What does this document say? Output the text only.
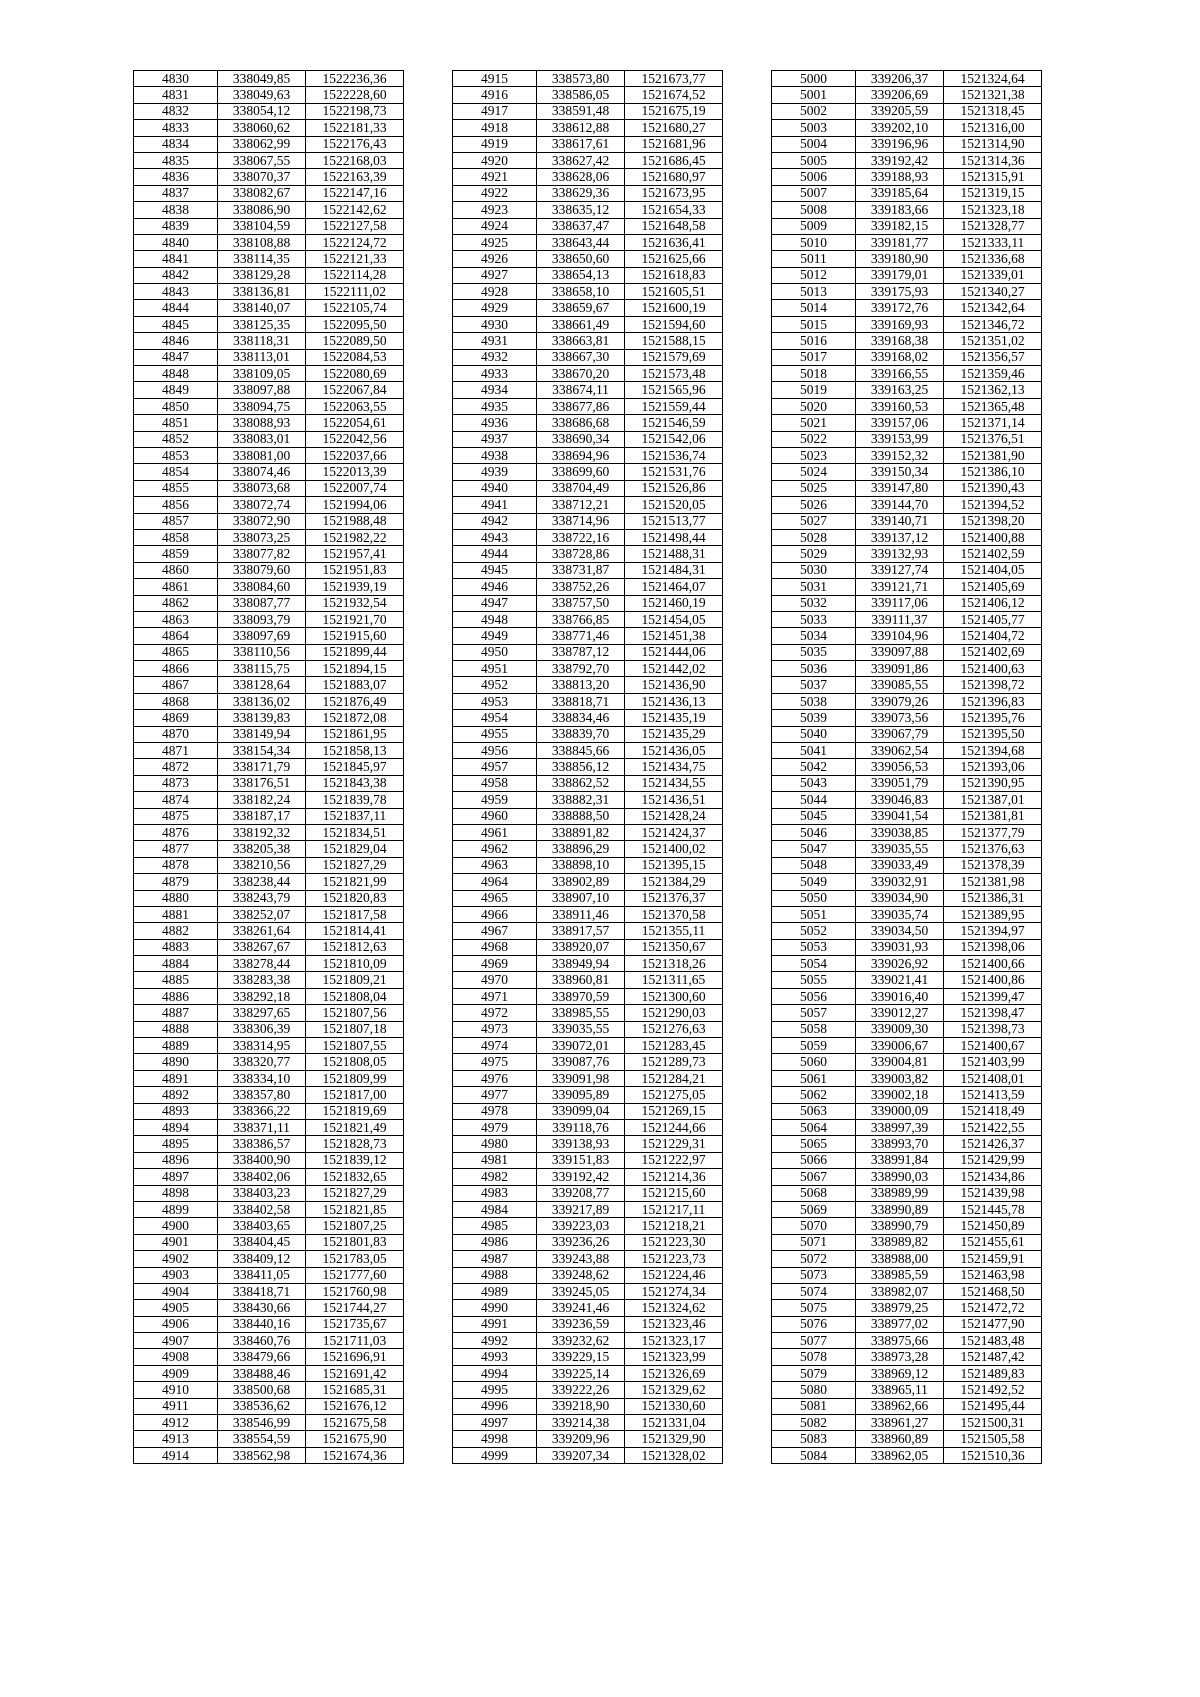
4830	338049,85	1522236,36
4831	338049,63	1522228,60
4832	338054,12	1522198,73
4833	338060,62	1522181,33
4834	338062,99	1522176,43
4835	338067,55	1522168,03
4836	338070,37	1522163,39
4837	338082,67	1522147,16
4838	338086,90	1522142,62
4839	338104,59	1522127,58
4840	338108,88	1522124,72
4841	338114,35	1522121,33
4842	338129,28	1522114,28
4843	338136,81	1522111,02
4844	338140,07	1522105,74
4845	338125,35	1522095,50
4846	338118,31	1522089,50
4847	338113,01	1522084,53
4848	338109,05	1522080,69
4849	338097,88	1522067,84
4850	338094,75	1522063,55
4851	338088,93	1522054,61
4852	338083,01	1522042,56
4853	338081,00	1522037,66
4854	338074,46	1522013,39
4855	338073,68	1522007,74
4856	338072,74	1521994,06
4857	338072,90	1521988,48
4858	338073,25	1521982,22
4859	338077,82	1521957,41
4860	338079,60	1521951,83
4861	338084,60	1521939,19
4862	338087,77	1521932,54
4863	338093,79	1521921,70
4864	338097,69	1521915,60
4865	338110,56	1521899,44
4866	338115,75	1521894,15
4867	338128,64	1521883,07
4868	338136,02	1521876,49
4869	338139,83	1521872,08
4870	338149,94	1521861,95
4871	338154,34	1521858,13
4872	338171,79	1521845,97
4873	338176,51	1521843,38
4874	338182,24	1521839,78
4875	338187,17	1521837,11
4876	338192,32	1521834,51
4877	338205,38	1521829,04
4878	338210,56	1521827,29
4879	338238,44	1521821,99
4880	338243,79	1521820,83
4881	338252,07	1521817,58
4882	338261,64	1521814,41
4883	338267,67	1521812,63
4884	338278,44	1521810,09
4885	338283,38	1521809,21
4886	338292,18	1521808,04
4887	338297,65	1521807,56
4888	338306,39	1521807,18
4889	338314,95	1521807,55
4890	338320,77	1521808,05
4891	338334,10	1521809,99
4892	338357,80	1521817,00
4893	338366,22	1521819,69
4894	338371,11	1521821,49
4895	338386,57	1521828,73
4896	338400,90	1521839,12
4897	338402,06	1521832,65
4898	338403,23	1521827,29
4899	338402,58	1521821,85
4900	338403,65	1521807,25
4901	338404,45	1521801,83
4902	338409,12	1521783,05
4903	338411,05	1521777,60
4904	338418,71	1521760,98
4905	338430,66	1521744,27
4906	338440,16	1521735,67
4907	338460,76	1521711,03
4908	338479,66	1521696,91
4909	338488,46	1521691,42
4910	338500,68	1521685,31
4911	338536,62	1521676,12
4912	338546,99	1521675,58
4913	338554,59	1521675,90
4914	338562,98	1521674,36
4915	338573,80	1521673,77
4916	338586,05	1521674,52
4917	338591,48	1521675,19
4918	338612,88	1521680,27
4919	338617,61	1521681,96
4920	338627,42	1521686,45
4921	338628,06	1521680,97
4922	338629,36	1521673,95
4923	338635,12	1521654,33
4924	338637,47	1521648,58
4925	338643,44	1521636,41
4926	338650,60	1521625,66
4927	338654,13	1521618,83
4928	338658,10	1521605,51
4929	338659,67	1521600,19
4930	338661,49	1521594,60
4931	338663,81	1521588,15
4932	338667,30	1521579,69
4933	338670,20	1521573,48
4934	338674,11	1521565,96
4935	338677,86	1521559,44
4936	338686,68	1521546,59
4937	338690,34	1521542,06
4938	338694,96	1521536,74
4939	338699,60	1521531,76
4940	338704,49	1521526,86
4941	338712,21	1521520,05
4942	338714,96	1521513,77
4943	338722,16	1521498,44
4944	338728,86	1521488,31
4945	338731,87	1521484,31
4946	338752,26	1521464,07
4947	338757,50	1521460,19
4948	338766,85	1521454,05
4949	338771,46	1521451,38
4950	338787,12	1521444,06
4951	338792,70	1521442,02
4952	338813,20	1521436,90
4953	338818,71	1521436,13
4954	338834,46	1521435,19
4955	338839,70	1521435,29
4956	338845,66	1521436,05
4957	338856,12	1521434,75
4958	338862,52	1521434,55
4959	338882,31	1521436,51
4960	338888,50	1521428,24
4961	338891,82	1521424,37
4962	338896,29	1521400,02
4963	338898,10	1521395,15
4964	338902,89	1521384,29
4965	338907,10	1521376,37
4966	338911,46	1521370,58
4967	338917,57	1521355,11
4968	338920,07	1521350,67
4969	338949,94	1521318,26
4970	338960,81	1521311,65
4971	338970,59	1521300,60
4972	338985,55	1521290,03
4973	339035,55	1521276,63
4974	339072,01	1521283,45
4975	339087,76	1521289,73
4976	339091,98	1521284,21
4977	339095,89	1521275,05
4978	339099,04	1521269,15
4979	339118,76	1521244,66
4980	339138,93	1521229,31
4981	339151,83	1521222,97
4982	339192,42	1521214,36
4983	339208,77	1521215,60
4984	339217,89	1521217,11
4985	339223,03	1521218,21
4986	339236,26	1521223,30
4987	339243,88	1521223,73
4988	339248,62	1521224,46
4989	339245,05	1521274,34
4990	339241,46	1521324,62
4991	339236,59	1521323,46
4992	339232,62	1521323,17
4993	339229,15	1521323,99
4994	339225,14	1521326,69
4995	339222,26	1521329,62
4996	339218,90	1521330,60
4997	339214,38	1521331,04
4998	339209,96	1521329,90
4999	339207,34	1521328,02
5000	339206,37	1521324,64
5001	339206,69	1521321,38
5002	339205,59	1521318,45
5003	339202,10	1521316,00
5004	339196,96	1521314,90
5005	339192,42	1521314,36
5006	339188,93	1521315,91
5007	339185,64	1521319,15
5008	339183,66	1521323,18
5009	339182,15	1521328,77
5010	339181,77	1521333,11
5011	339180,90	1521336,68
5012	339179,01	1521339,01
5013	339175,93	1521340,27
5014	339172,76	1521342,64
5015	339169,93	1521346,72
5016	339168,38	1521351,02
5017	339168,02	1521356,57
5018	339166,55	1521359,46
5019	339163,25	1521362,13
5020	339160,53	1521365,48
5021	339157,06	1521371,14
5022	339153,99	1521376,51
5023	339152,32	1521381,90
5024	339150,34	1521386,10
5025	339147,80	1521390,43
5026	339144,70	1521394,52
5027	339140,71	1521398,20
5028	339137,12	1521400,88
5029	339132,93	1521402,59
5030	339127,74	1521404,05
5031	339121,71	1521405,69
5032	339117,06	1521406,12
5033	339111,37	1521405,77
5034	339104,96	1521404,72
5035	339097,88	1521402,69
5036	339091,86	1521400,63
5037	339085,55	1521398,72
5038	339079,26	1521396,83
5039	339073,56	1521395,76
5040	339067,79	1521395,50
5041	339062,54	1521394,68
5042	339056,53	1521393,06
5043	339051,79	1521390,95
5044	339046,83	1521387,01
5045	339041,54	1521381,81
5046	339038,85	1521377,79
5047	339035,55	1521376,63
5048	339033,49	1521378,39
5049	339032,91	1521381,98
5050	339034,90	1521386,31
5051	339035,74	1521389,95
5052	339034,50	1521394,97
5053	339031,93	1521398,06
5054	339026,92	1521400,66
5055	339021,41	1521400,86
5056	339016,40	1521399,47
5057	339012,27	1521398,47
5058	339009,30	1521398,73
5059	339006,67	1521400,67
5060	339004,81	1521403,99
5061	339003,82	1521408,01
5062	339002,18	1521413,59
5063	339000,09	1521418,49
5064	338997,39	1521422,55
5065	338993,70	1521426,37
5066	338991,84	1521429,99
5067	338990,03	1521434,86
5068	338989,99	1521439,98
5069	338990,89	1521445,78
5070	338990,79	1521450,89
5071	338989,82	1521455,61
5072	338988,00	1521459,91
5073	338985,59	1521463,98
5074	338982,07	1521468,50
5075	338979,25	1521472,72
5076	338977,02	1521477,90
5077	338975,66	1521483,48
5078	338973,28	1521487,42
5079	338969,12	1521489,83
5080	338965,11	1521492,52
5081	338962,66	1521495,44
5082	338961,27	1521500,31
5083	338960,89	1521505,58
5084	338962,05	1521510,36
